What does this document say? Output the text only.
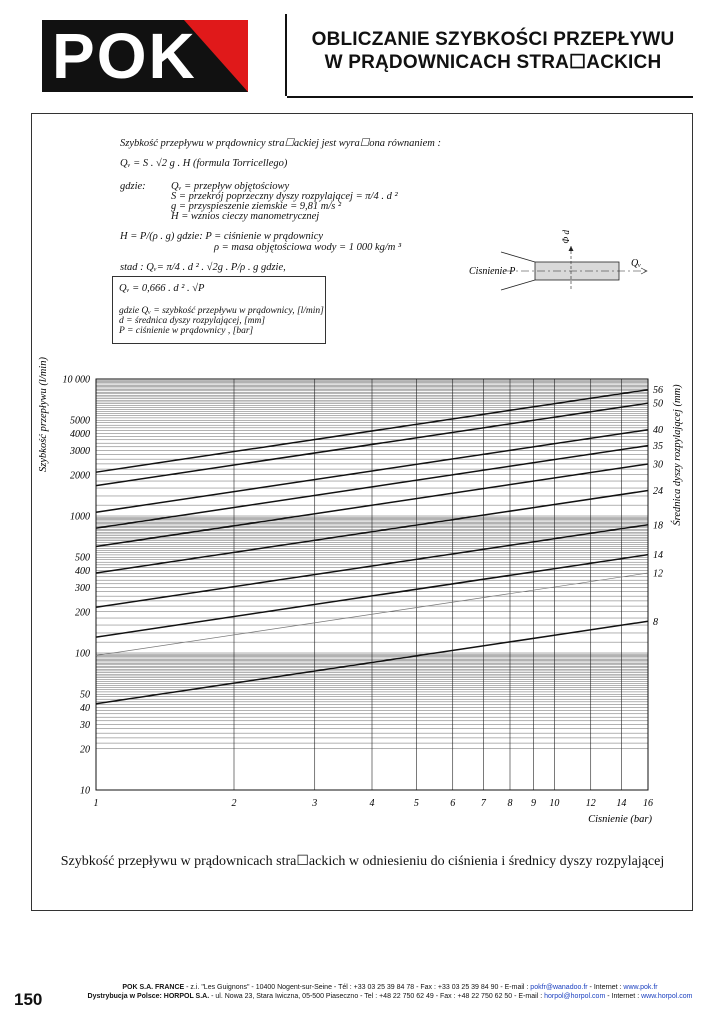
POK	OBLICZANIE SZYBKOŚCI PRZEPŁYWU
W PRĄDOWNICACH STRA☐ACKICH
Szybkość przepływu w prądownicy stra☐ackiej jest wyra☐ona równaniem :
Qᵥ = S . √2 g . H (formula Torricellego)
gdzie: Qᵥ = przepływ objętościowy
S = przekrój poprzeczny dyszy rozpylającej = π/4 . d ²
g = przyspieszenie ziemskie = 9,81 m/s ²
H = wznios cieczy manometrycznej
H = P/(ρ . g) gdzie: P = ciśnienie w prądownicy
ρ = masa objętościowa wody = 1 000 kg/m ³
stad : Qᵥ= π/4 . d ² . √2g . P/ρ . g gdzie,
Qᵥ = 0,666 . d ² . √P
gdzie Qᵥ = szybkość przepływu w prądownicy, [l/min]
d = średnica dyszy rozpylającej, [mm]
P = ciśnienie w prądownicy , [bar]
Φ d
Cisnienie P
Qᵥ
10
20
30
40
50
100
200
300
400
500
1000
2000
3000
4000
5000
10 000
1	2	3	4	5	6	7 8 9 10	12 14 16
8
12
14
18
24
30
35
40
50
56
Szybkość przepływu (l/min)	Średnica dyszy rozpylającej (mm)
Cisnienie (bar)
Szybkość przepływu w prądownicach stra☐ackich w odniesieniu do ciśnienia i średnicy dyszy rozpylającej
150
POK S.A. FRANCE - z.i. "Les Guignons" - 10400 Nogent-sur-Seine - Tél : +33 03 25 39 84 78 - Fax : +33 03 25 39 84 90 - E-mail : pokfr@wanadoo.fr - Internet : www.pok.fr
Dystrybucja w Polsce: HORPOL S.A. - ul. Nowa 23, Stara Iwiczna, 05-500 Piaseczno - Tel : +48 22 750 62 49 - Fax : +48 22 750 62 50 - E-mail : horpol@horpol.com - Internet : www.horpol.com
